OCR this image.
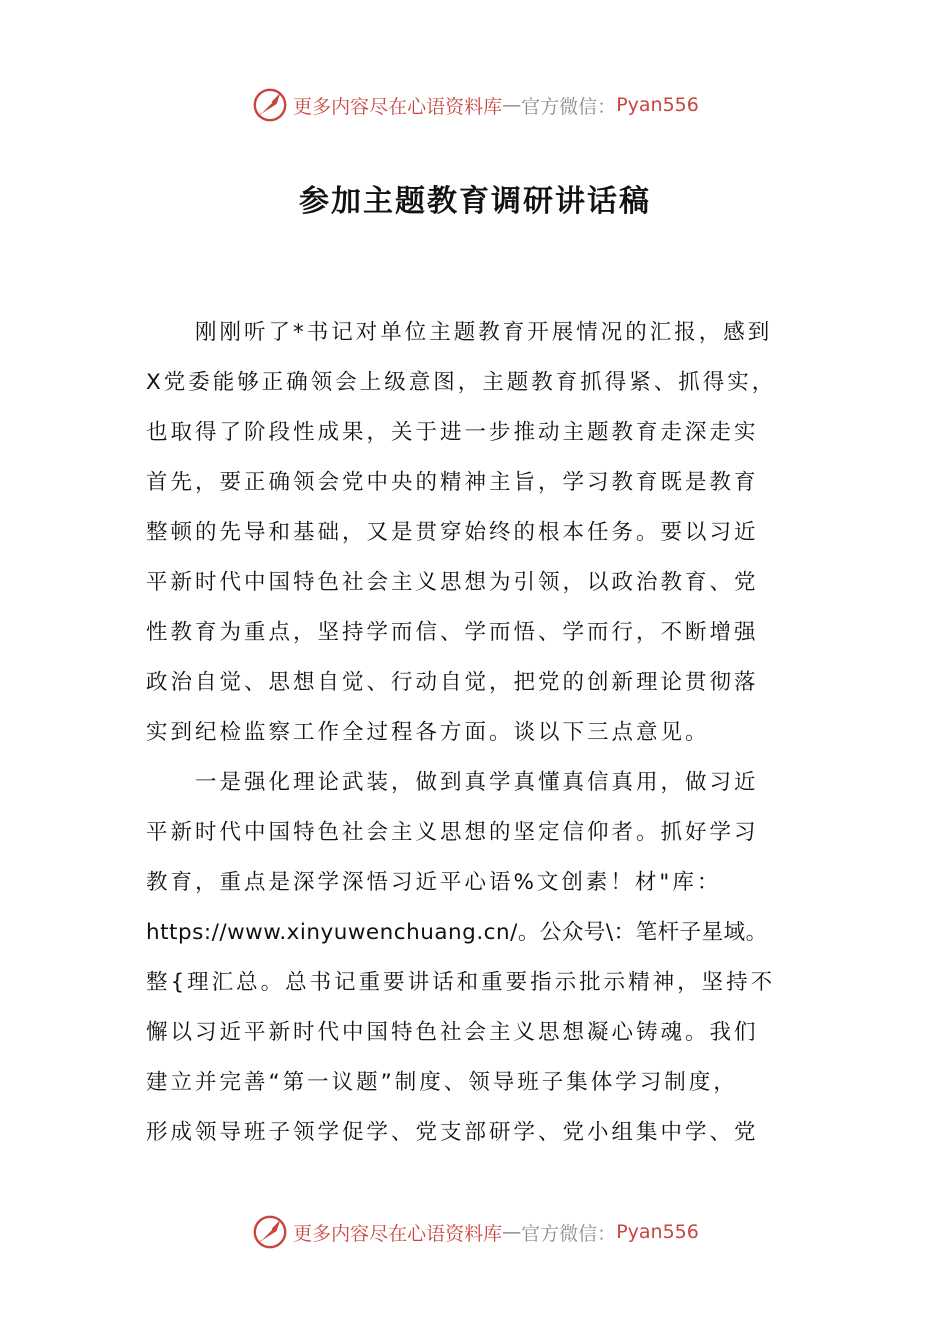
更多内容尽在心语资料库 — 官方微信： Pyan556
参加主题教育调研讲话稿
　　刚刚听了*书记对单位主题教育开展情况的汇报，感到
X党委能够正确领会上级意图，主题教育抓得紧、抓得实，
也取得了阶段性成果，关于进一步推动主题教育走深走实
首先，要正确领会党中央的精神主旨，学习教育既是教育
整顿的先导和基础，又是贯穿始终的根本任务。要以习近
平新时代中国特色社会主义思想为引领，以政治教育、党
性教育为重点，坚持学而信、学而悟、学而行，不断增强
政治自觉、思想自觉、行动自觉，把党的创新理论贯彻落
实到纪检监察工作全过程各方面。谈以下三点意见。
　　一是强化理论武装，做到真学真懂真信真用，做习近
平新时代中国特色社会主义思想的坚定信仰者。抓好学习
教育，重点是深学深悟习近平心语%文创素！材"库：
https://www.xinyuwenchuang.cn/。公众号\：笔杆子星域。
整{理汇总。总书记重要讲话和重要指示批示精神，坚持不
懈以习近平新时代中国特色社会主义思想凝心铸魂。我们
建立并完善“第一议题”制度、领导班子集体学习制度，
形成领导班子领学促学、党支部研学、党小组集中学、党
更多内容尽在心语资料库 — 官方微信： Pyan556
